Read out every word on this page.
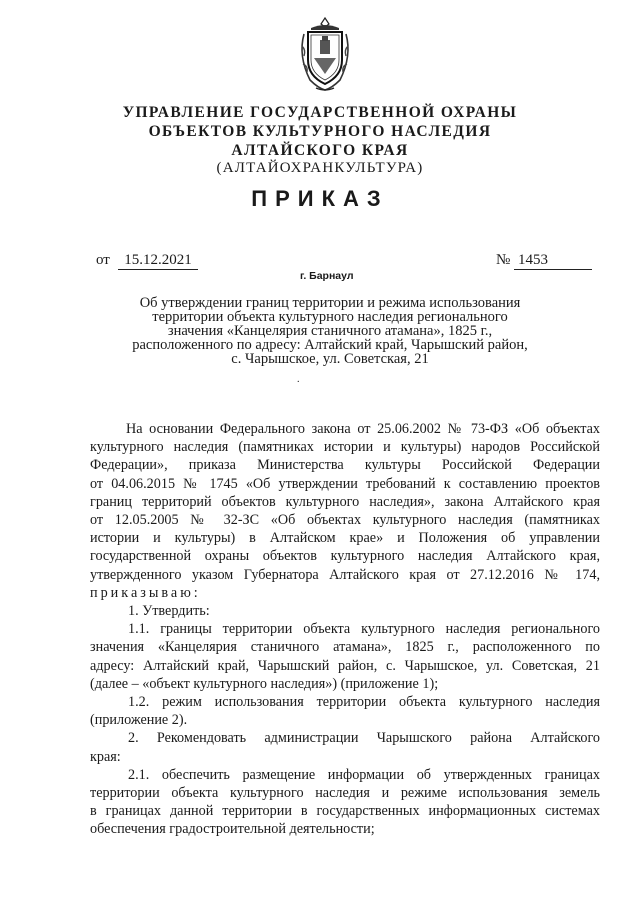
УПРАВЛЕНИЕ ГОСУДАРСТВЕННОЙ ОХРАНЫ
ОБЪЕКТОВ КУЛЬТУРНОГО НАСЛЕДИЯ
АЛТАЙСКОГО КРАЯ
(АЛТАЙОХРАНКУЛЬТУРА)
ПРИКАЗ
от 15.12.2021	№ 1453
г. Барнаул
Об утверждении границ территории и режима использования
территории объекта культурного наследия регионального
значения «Канцелярия станичного атамана», 1825 г.,
расположенного по адресу: Алтайский край, Чарышский район,
с. Чарышское, ул. Советская, 21
.
На основании Федерального закона от 25.06.2002 № 73-ФЗ «Об объектах
культурного наследия (памятниках истории и культуры) народов Российской
Федерации», приказа Министерства культуры Российской Федерации
от 04.06.2015 № 1745 «Об утверждении требований к составлению проектов
границ территорий объектов культурного наследия», закона Алтайского края
от 12.05.2005 № 32-ЗС «Об объектах культурного наследия (памятниках
истории и культуры) в Алтайском крае» и Положения об управлении
государственной охраны объектов культурного наследия Алтайского края,
утвержденного указом Губернатора Алтайского края от 27.12.2016 № 174,
приказываю:
1. Утвердить:
1.1. границы территории объекта культурного наследия регионального
значения «Канцелярия станичного атамана», 1825 г., расположенного по
адресу: Алтайский край, Чарышский район, с. Чарышское, ул. Советская, 21
(далее – «объект культурного наследия») (приложение 1);
1.2. режим использования территории объекта культурного наследия
(приложение 2).
2. Рекомендовать администрации Чарышского района Алтайского
края:
2.1. обеспечить размещение информации об утвержденных границах
территории объекта культурного наследия и режиме использования земель
в границах данной территории в государственных информационных системах
обеспечения градостроительной деятельности;
